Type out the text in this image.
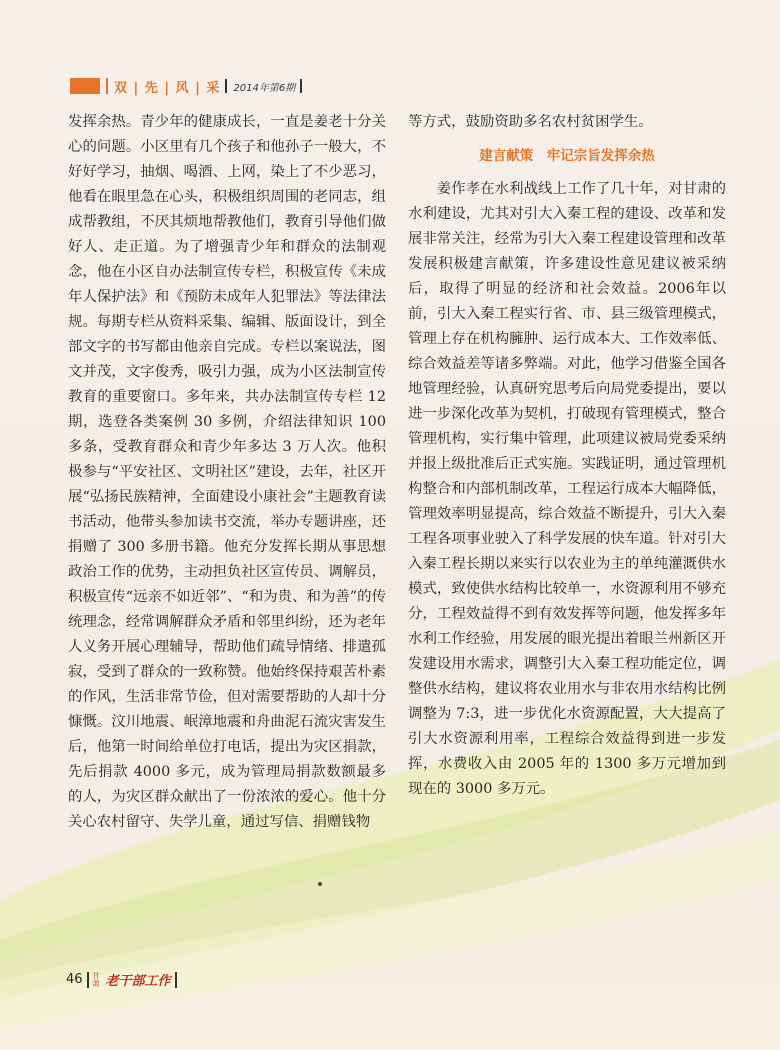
双 | 先 | 风 | 采 2014年第6期

发挥余热。青少年的健康成长，一直是姜老十分关心的问题。小区里有几个孩子和他孙子一般大，不好好学习，抽烟、喝酒、上网，染上了不少恶习，他看在眼里急在心头，积极组织周围的老同志，组成帮教组，不厌其烦地帮教他们，教育引导他们做好人、走正道。为了增强青少年和群众的法制观念，他在小区自办法制宣传专栏，积极宣传《未成年人保护法》和《预防未成年人犯罪法》等法律法规。每期专栏从资料采集、编辑、版面设计，到全部文字的书写都由他亲自完成。专栏以案说法，图文并茂，文字俊秀，吸引力强，成为小区法制宣传教育的重要窗口。多年来，共办法制宣传专栏 12 期，选登各类案例 30 多例，介绍法律知识 100 多条，受教育群众和青少年多达 3 万人次。他积极参与“平安社区、文明社区”建设，去年，社区开展“弘扬民族精神，全面建设小康社会”主题教育读书活动，他带头参加读书交流，举办专题讲座，还捐赠了 300 多册书籍。他充分发挥长期从事思想政治工作的优势，主动担负社区宣传员、调解员，积极宣传“远亲不如近邻”、“和为贵、和为善”的传统理念，经常调解群众矛盾和邻里纠纷，还为老年人义务开展心理辅导，帮助他们疏导情绪、排遣孤寂，受到了群众的一致称赞。他始终保持艰苦朴素的作风，生活非常节俭，但对需要帮助的人却十分慷慨。汶川地震、岷漳地震和舟曲泥石流灾害发生后，他第一时间给单位打电话，提出为灾区捐款，先后捐款 4000 多元，成为管理局捐款数额最多的人，为灾区群众献出了一份浓浓的爱心。他十分关心农村留守、失学儿童，通过写信、捐赠钱物

等方式，鼓励资助多名农村贫困学生。

建言献策　牢记宗旨发挥余热

姜作孝在水利战线上工作了几十年，对甘肃的水利建设，尤其对引大入秦工程的建设、改革和发展非常关注，经常为引大入秦工程建设管理和改革发展积极建言献策，许多建设性意见建议被采纳后，取得了明显的经济和社会效益。2006年以前，引大入秦工程实行省、市、县三级管理模式，管理上存在机构臃肿、运行成本大、工作效率低、综合效益差等诸多弊端。对此，他学习借鉴全国各地管理经验，认真研究思考后向局党委提出，要以进一步深化改革为契机，打破现有管理模式，整合管理机构，实行集中管理，此项建议被局党委采纳并报上级批准后正式实施。实践证明，通过管理机构整合和内部机制改革，工程运行成本大幅降低，管理效率明显提高，综合效益不断提升，引大入秦工程各项事业驶入了科学发展的快车道。针对引大入秦工程长期以来实行以农业为主的单纯灌溉供水模式，致使供水结构比较单一，水资源利用不够充分，工程效益得不到有效发挥等问题，他发挥多年水利工作经验，用发展的眼光提出着眼兰州新区开发建设用水需求，调整引大入秦工程功能定位，调整供水结构，建议将农业用水与非农用水结构比例调整为 7:3，进一步优化水资源配置，大大提高了引大水资源利用率，工程综合效益得到进一步发挥，水费收入由 2005 年的 1300 多万元增加到现在的 3000 多万元。

46 甘肃 老干部工作
